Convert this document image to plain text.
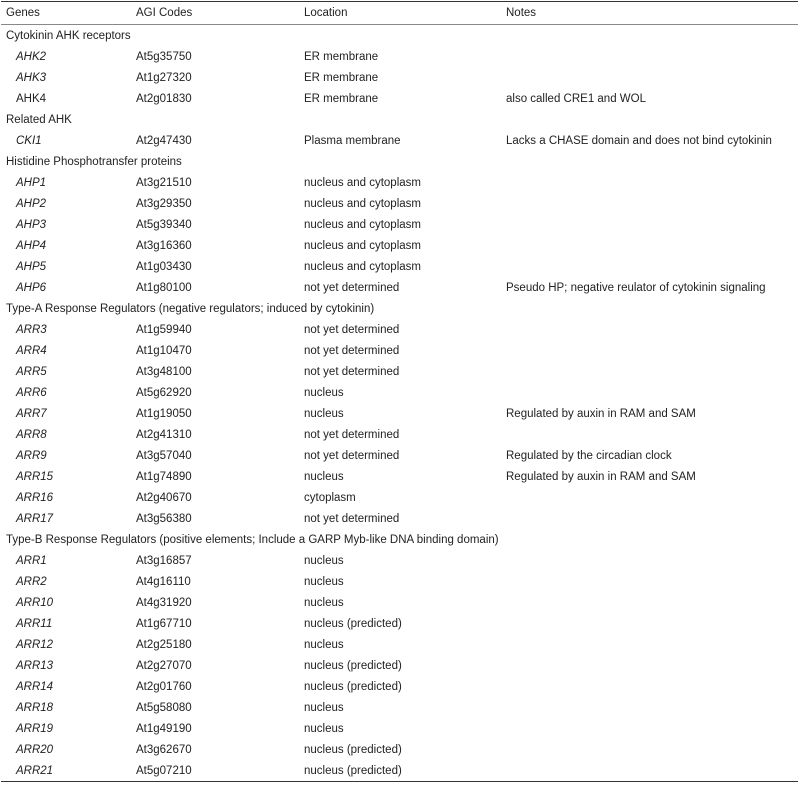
Genes	AGI Codes	Location	Notes
Cytokinin AHK receptors			
AHK2	At5g35750	ER membrane	
AHK3	At1g27320	ER membrane	
AHK4	At2g01830	ER membrane	also called CRE1 and WOL
Related AHK			
CKI1	At2g47430	Plasma membrane	Lacks a CHASE domain and does not bind cytokinin
Histidine Phosphotransfer proteins			
AHP1	At3g21510	nucleus and cytoplasm	
AHP2	At3g29350	nucleus and cytoplasm	
AHP3	At5g39340	nucleus and cytoplasm	
AHP4	At3g16360	nucleus and cytoplasm	
AHP5	At1g03430	nucleus and cytoplasm	
AHP6	At1g80100	not yet determined	Pseudo HP; negative reulator of cytokinin signaling
Type-A Response Regulators (negative regulators; induced by cytokinin)			
ARR3	At1g59940	not yet determined	
ARR4	At1g10470	not yet determined	
ARR5	At3g48100	not yet determined	
ARR6	At5g62920	nucleus	
ARR7	At1g19050	nucleus	Regulated by auxin in RAM and SAM
ARR8	At2g41310	not yet determined	
ARR9	At3g57040	not yet determined	Regulated by the circadian clock
ARR15	At1g74890	nucleus	Regulated by auxin in RAM and SAM
ARR16	At2g40670	cytoplasm	
ARR17	At3g56380	not yet determined	
Type-B Response Regulators (positive elements; Include a GARP Myb-like DNA binding domain)			
ARR1	At3g16857	nucleus	
ARR2	At4g16110	nucleus	
ARR10	At4g31920	nucleus	
ARR11	At1g67710	nucleus (predicted)	
ARR12	At2g25180	nucleus	
ARR13	At2g27070	nucleus (predicted)	
ARR14	At2g01760	nucleus (predicted)	
ARR18	At5g58080	nucleus	
ARR19	At1g49190	nucleus	
ARR20	At3g62670	nucleus (predicted)	
ARR21	At5g07210	nucleus (predicted)	
